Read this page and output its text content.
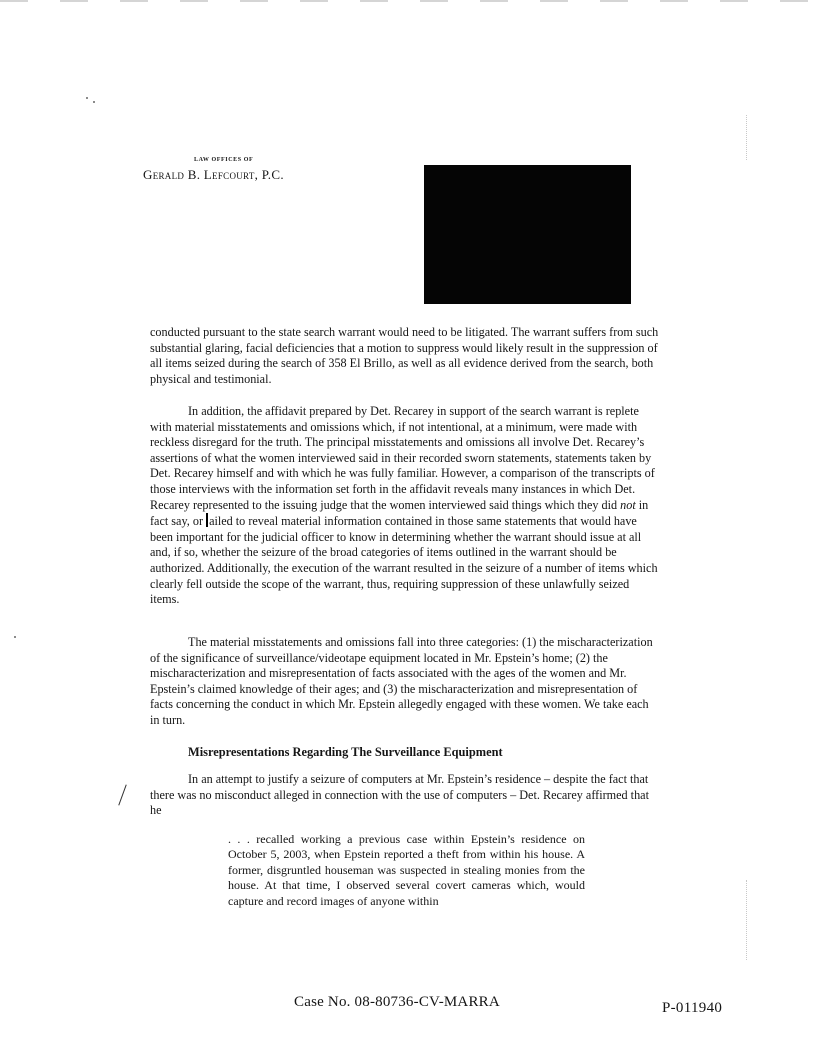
LAW OFFICES OF
Gerald B. Lefcourt, P.C.

conducted pursuant to the state search warrant would need to be litigated. The warrant suffers from such substantial glaring, facial deficiencies that a motion to suppress would likely result in the suppression of all items seized during the search of 358 El Brillo, as well as all evidence derived from the search, both physical and testimonial.

In addition, the affidavit prepared by Det. Recarey in support of the search warrant is replete with material misstatements and omissions which, if not intentional, at a minimum, were made with reckless disregard for the truth. The principal misstatements and omissions all involve Det. Recarey’s assertions of what the women interviewed said in their recorded sworn statements, statements taken by Det. Recarey himself and with which he was fully familiar. However, a comparison of the transcripts of those interviews with the information set forth in the affidavit reveals many instances in which Det. Recarey represented to the issuing judge that the women interviewed said things which they did not in fact say, or ailed to reveal material information contained in those same statements that would have been important for the judicial officer to know in determining whether the warrant should issue at all and, if so, whether the seizure of the broad categories of items outlined in the warrant should be authorized. Additionally, the execution of the warrant resulted in the seizure of a number of items which clearly fell outside the scope of the warrant, thus, requiring suppression of these unlawfully seized items.

The material misstatements and omissions fall into three categories: (1) the mischaracterization of the significance of surveillance/videotape equipment located in Mr. Epstein’s home; (2) the mischaracterization and misrepresentation of facts associated with the ages of the women and Mr. Epstein’s claimed knowledge of their ages; and (3) the mischaracterization and misrepresentation of facts concerning the conduct in which Mr. Epstein allegedly engaged with these women. We take each in turn.

Misrepresentations Regarding The Surveillance Equipment

In an attempt to justify a seizure of computers at Mr. Epstein’s residence – despite the fact that there was no misconduct alleged in connection with the use of computers – Det. Recarey affirmed that he

. . . recalled working a previous case within Epstein’s residence on October 5, 2003, when Epstein reported a theft from within his house. A former, disgruntled houseman was suspected in stealing monies from the house. At that time, I observed several covert cameras which, would capture and record images of anyone within
Case No. 08-80736-CV-MARRA	P-011940
